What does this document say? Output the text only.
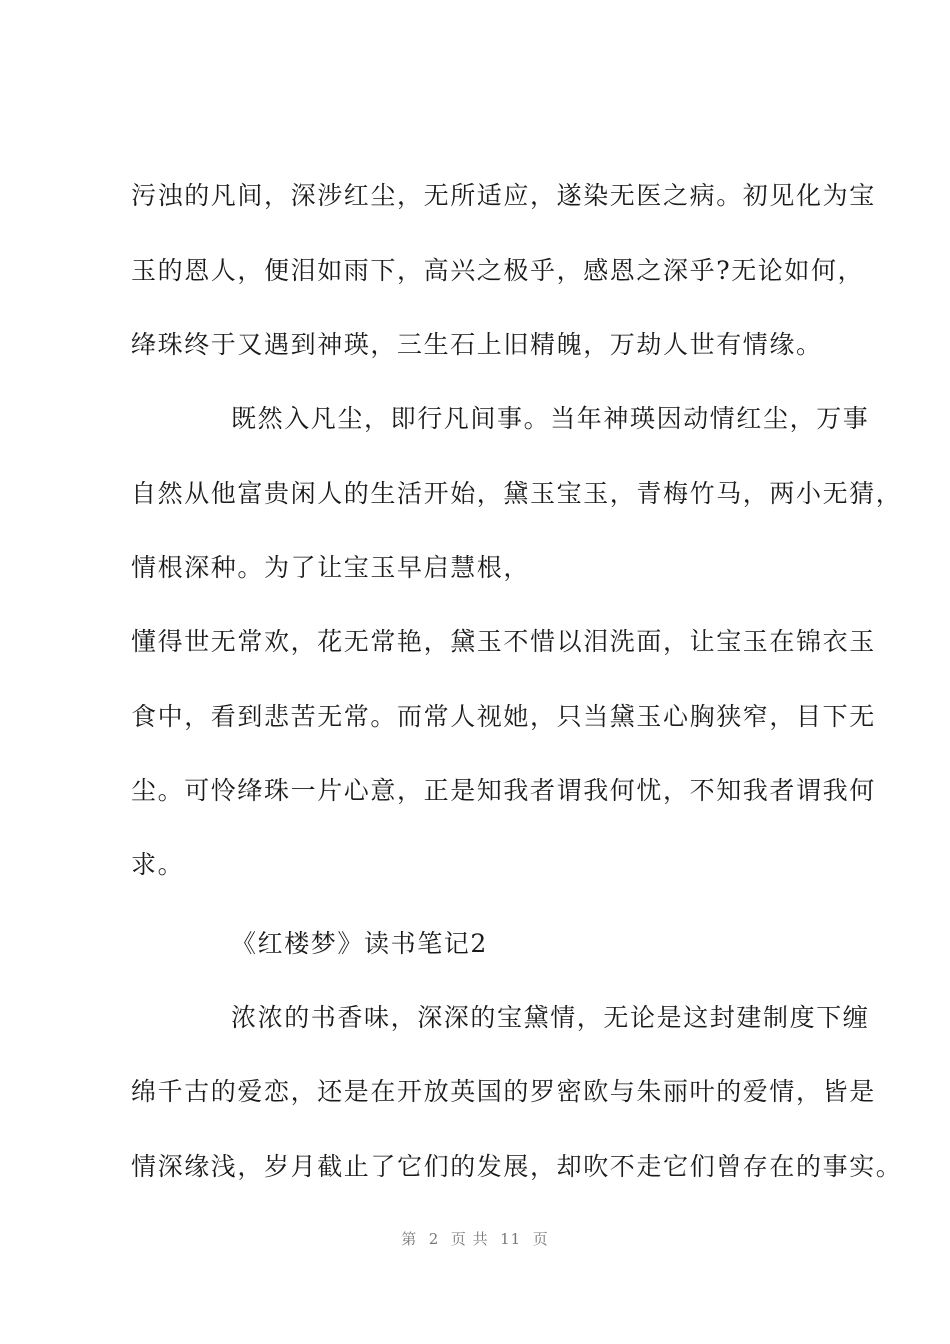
污浊的凡间，深涉红尘，无所适应，遂染无医之病。初见化为宝
玉的恩人，便泪如雨下，高兴之极乎，感恩之深乎?无论如何，
绛珠终于又遇到神瑛，三生石上旧精魄，万劫人世有情缘。
既然入凡尘，即行凡间事。当年神瑛因动情红尘，万事
自然从他富贵闲人的生活开始，黛玉宝玉，青梅竹马，两小无猜，
情根深种。为了让宝玉早启慧根，
懂得世无常欢，花无常艳，黛玉不惜以泪洗面，让宝玉在锦衣玉
食中，看到悲苦无常。而常人视她，只当黛玉心胸狭窄，目下无
尘。可怜绛珠一片心意，正是知我者谓我何忧，不知我者谓我何
求。
《红楼梦》读书笔记2
浓浓的书香味，深深的宝黛情，无论是这封建制度下缠
绵千古的爱恋，还是在开放英国的罗密欧与朱丽叶的爱情，皆是
情深缘浅，岁月截止了它们的发展，却吹不走它们曾存在的事实。
第  2  页 共  11  页
